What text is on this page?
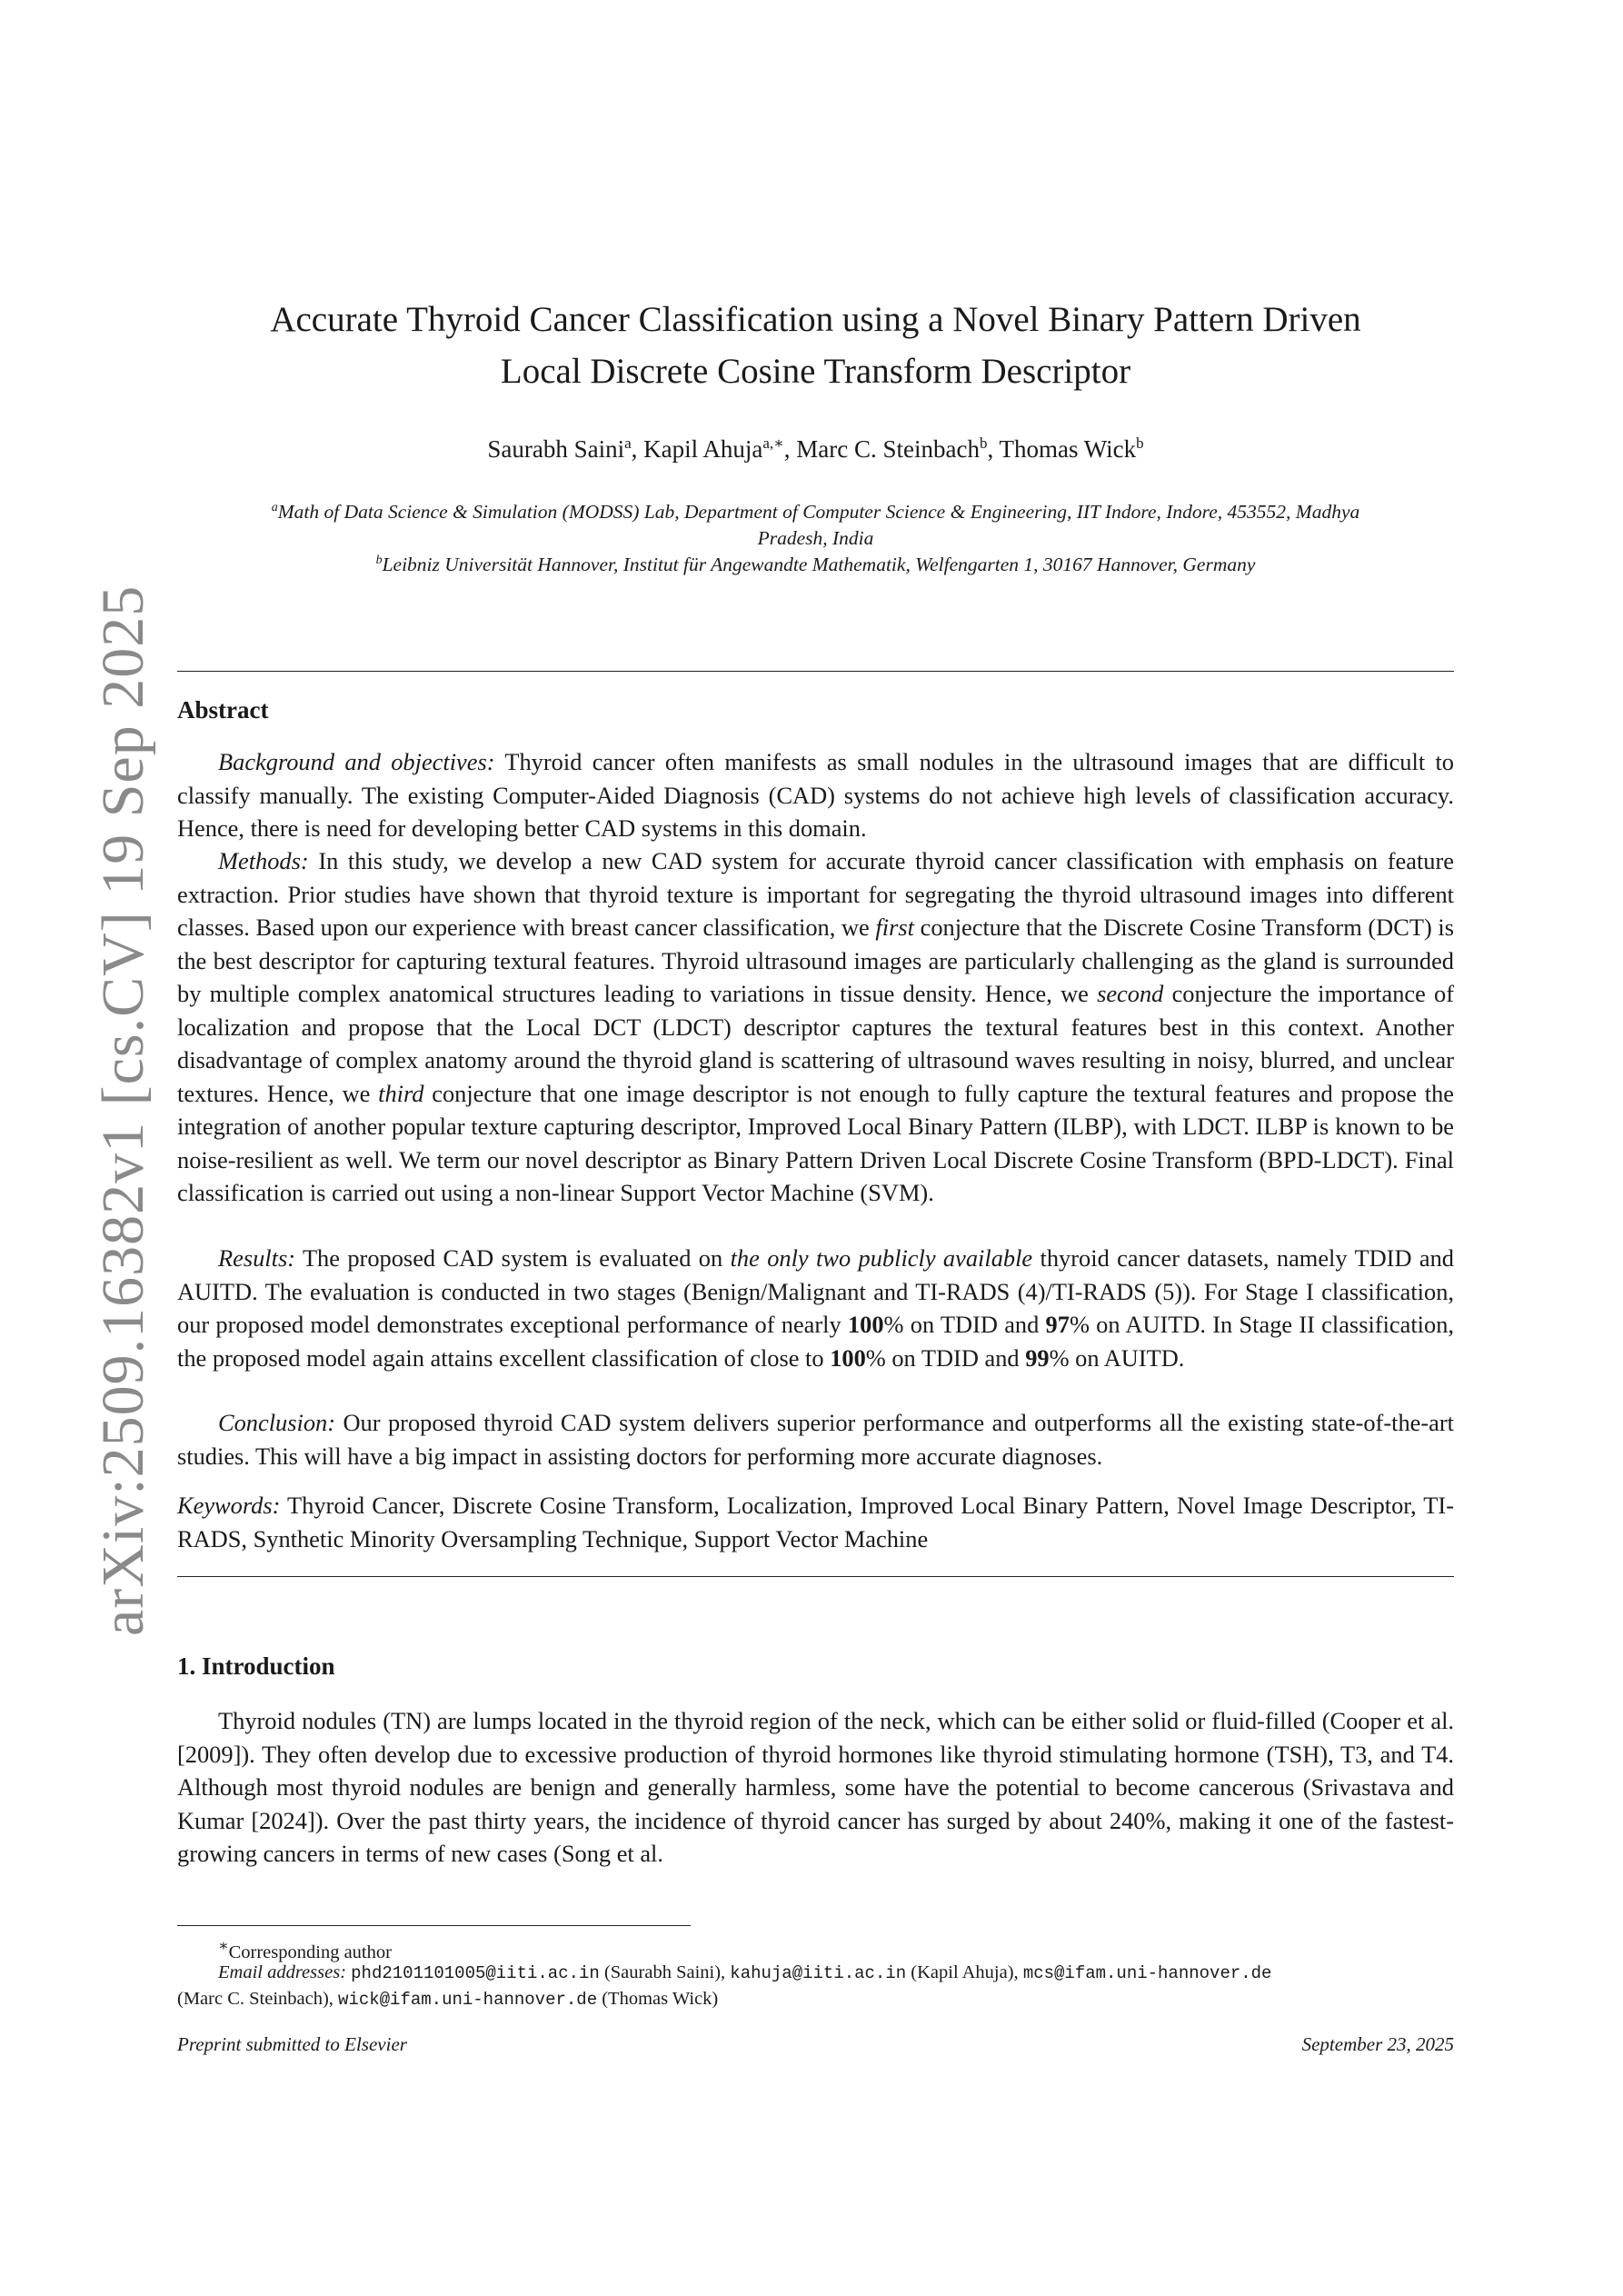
arXiv:2509.16382v1 [cs.CV] 19 Sep 2025
Accurate Thyroid Cancer Classification using a Novel Binary Pattern Driven
Local Discrete Cosine Transform Descriptor
Saurabh Saini$^a$, Kapil Ahuja$^{a,∗}$, Marc C. Steinbach$^b$, Thomas Wick$^b$
$^a$Math of Data Science & Simulation (MODSS) Lab, Department of Computer Science & Engineering, IIT Indore, Indore, 453552, Madhya
Pradesh, India
$^b$Leibniz Universität Hannover, Institut für Angewandte Mathematik, Welfengarten 1, 30167 Hannover, Germany
Abstract

Background and objectives: Thyroid cancer often manifests as small nodules in the ultrasound images that are difficult to classify manually. The existing Computer-Aided Diagnosis (CAD) systems do not achieve high levels of classification accuracy. Hence, there is need for developing better CAD systems in this domain.

Methods: In this study, we develop a new CAD system for accurate thyroid cancer classification with emphasis on feature extraction. Prior studies have shown that thyroid texture is important for segregating the thyroid ultrasound images into different classes. Based upon our experience with breast cancer classification, we first conjecture that the Discrete Cosine Transform (DCT) is the best descriptor for capturing textural features. Thyroid ultrasound images are particularly challenging as the gland is surrounded by multiple complex anatomical structures leading to variations in tissue density. Hence, we second conjecture the importance of localization and propose that the Local DCT (LDCT) descriptor captures the textural features best in this context. Another disadvantage of complex anatomy around the thyroid gland is scattering of ultrasound waves resulting in noisy, blurred, and unclear textures. Hence, we third conjecture that one image descriptor is not enough to fully capture the textural features and propose the integration of another popular texture capturing descriptor, Improved Local Binary Pattern (ILBP), with LDCT. ILBP is known to be noise-resilient as well. We term our novel descriptor as Binary Pattern Driven Local Discrete Cosine Transform (BPD-LDCT). Final classification is carried out using a non-linear Support Vector Machine (SVM).

Results: The proposed CAD system is evaluated on the only two publicly available thyroid cancer datasets, namely TDID and AUITD. The evaluation is conducted in two stages (Benign/Malignant and TI-RADS (4)/TI-RADS (5)). For Stage I classification, our proposed model demonstrates exceptional performance of nearly 100% on TDID and 97% on AUITD. In Stage II classification, the proposed model again attains excellent classification of close to 100% on TDID and 99% on AUITD.

Conclusion: Our proposed thyroid CAD system delivers superior performance and outperforms all the existing state-of-the-art studies. This will have a big impact in assisting doctors for performing more accurate diagnoses.

Keywords: Thyroid Cancer, Discrete Cosine Transform, Localization, Improved Local Binary Pattern, Novel Image Descriptor, TI-RADS, Synthetic Minority Oversampling Technique, Support Vector Machine

1. Introduction

Thyroid nodules (TN) are lumps located in the thyroid region of the neck, which can be either solid or fluid-filled (Cooper et al. [2009]). They often develop due to excessive production of thyroid hormones like thyroid stimulating hormone (TSH), T3, and T4. Although most thyroid nodules are benign and generally harmless, some have the potential to become cancerous (Srivastava and Kumar [2024]). Over the past thirty years, the incidence of thyroid cancer has surged by about 240%, making it one of the fastest-growing cancers in terms of new cases (Song et al.

∗Corresponding author
Email addresses: phd2101101005@iiti.ac.in (Saurabh Saini), kahuja@iiti.ac.in (Kapil Ahuja), mcs@ifam.uni-hannover.de
(Marc C. Steinbach), wick@ifam.uni-hannover.de (Thomas Wick)
Preprint submitted to Elsevier	September 23, 2025
